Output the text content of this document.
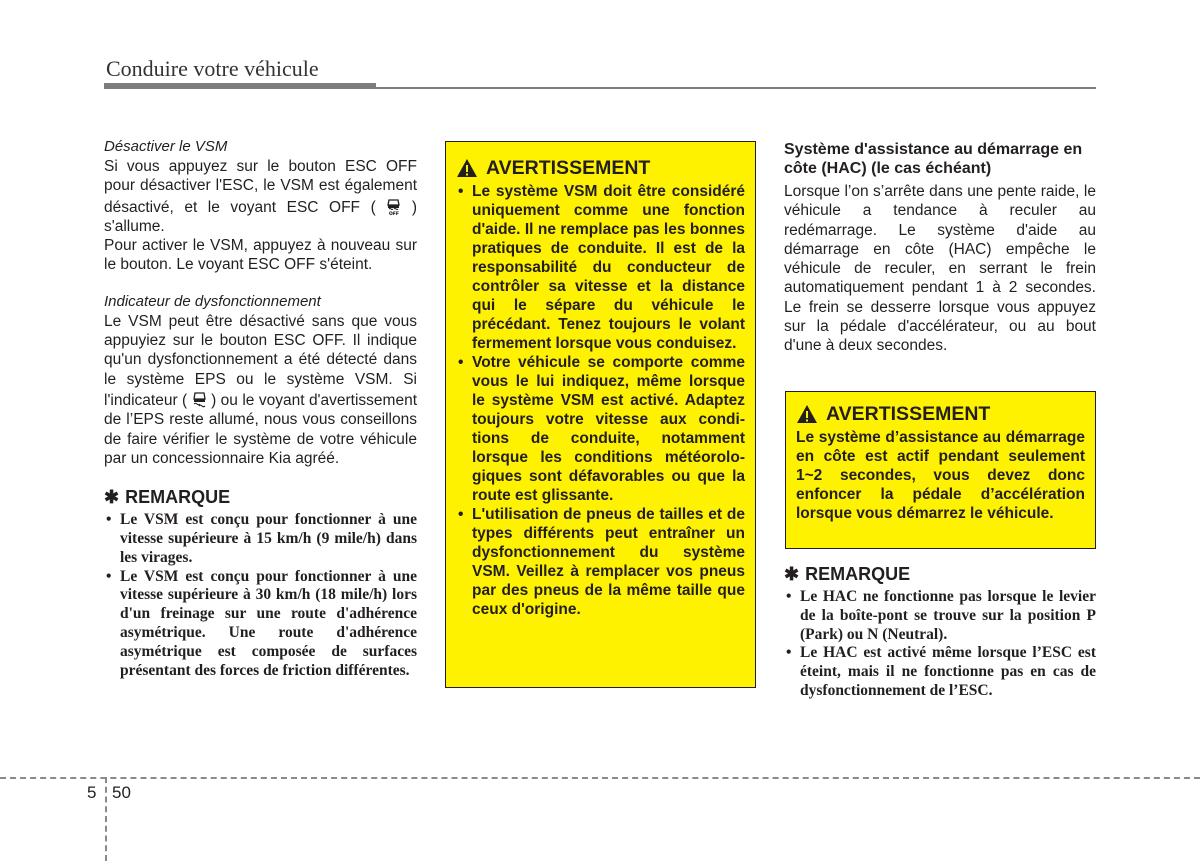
Conduire votre véhicule

Désactiver le VSM

Si vous appuyez sur le bouton ESC OFF pour désactiver l'ESC, le VSM est également désactivé, et le voyant ESC OFF (	OFF ) s'allume.

Pour activer le VSM, appuyez à nouveau sur le bouton. Le voyant ESC OFF s'éteint.

Indicateur de dysfonctionnement

Le VSM peut être désactivé sans que vous appuyiez sur le bouton ESC OFF. Il indique qu'un dysfonctionnement a été détecté dans le système EPS ou le système VSM. Si l'indicateur ( ) ou le voyant d'avertissement de l’EPS reste allumé, nous vous conseillons de faire vérifier le système de votre véhicule par un concessionnaire Kia agréé.

✱ REMARQUE
• Le VSM est conçu pour fonctionner à une vitesse supérieure à 15 km/h (9 mile/h) dans les virages.
• Le VSM est conçu pour fonctionner à une vitesse supérieure à 30 km/h (18 mile/h) lors d'un freinage sur une route d'adhérence asymétrique. Une route d'adhérence asymétrique est composée de surfaces présentant des forces de friction différentes.
AVERTISSEMENT
• Le système VSM doit être considéré uniquement comme une fonction d'aide. Il ne remplace pas les bonnes pratiques de conduite. Il est de la responsabilité du conducteur de contrôler sa vitesse et la distance qui le sépare du véhicule le précédant. Tenez toujours le volant fermement lorsque vous conduisez.
• Votre véhicule se comporte comme vous le lui indiquez, même lorsque le système VSM est activé. Adaptez toujours votre vitesse aux condi-tions de conduite, notamment lorsque les conditions météorolo-giques sont défavorables ou que la route est glissante.
• L'utilisation de pneus de tailles et de types différents peut entraîner un dysfonctionnement du système VSM. Veillez à remplacer vos pneus par des pneus de la même taille que ceux d'origine.

Système d'assistance au démarrage en côte (HAC) (le cas échéant)

Lorsque l’on s’arrête dans une pente raide, le véhicule a tendance à reculer au redémarrage. Le système d'aide au démarrage en côte (HAC) empêche le véhicule de reculer, en serrant le frein automatiquement pendant 1 à 2 secondes. Le frein se desserre lorsque vous appuyez sur la pédale d'accélérateur, ou au bout d'une à deux secondes.

AVERTISSEMENT

Le système d’assistance au démarrage en côte est actif pendant seulement 1~2 secondes, vous devez donc enfoncer la pédale d’accélération lorsque vous démarrez le véhicule.

✱ REMARQUE
• Le HAC ne fonctionne pas lorsque le levier de la boîte-pont se trouve sur la position P (Park) ou N (Neutral).
• Le HAC est activé même lorsque l’ESC est éteint, mais il ne fonctionne pas en cas de dysfonctionnement de l’ESC.
5 50
